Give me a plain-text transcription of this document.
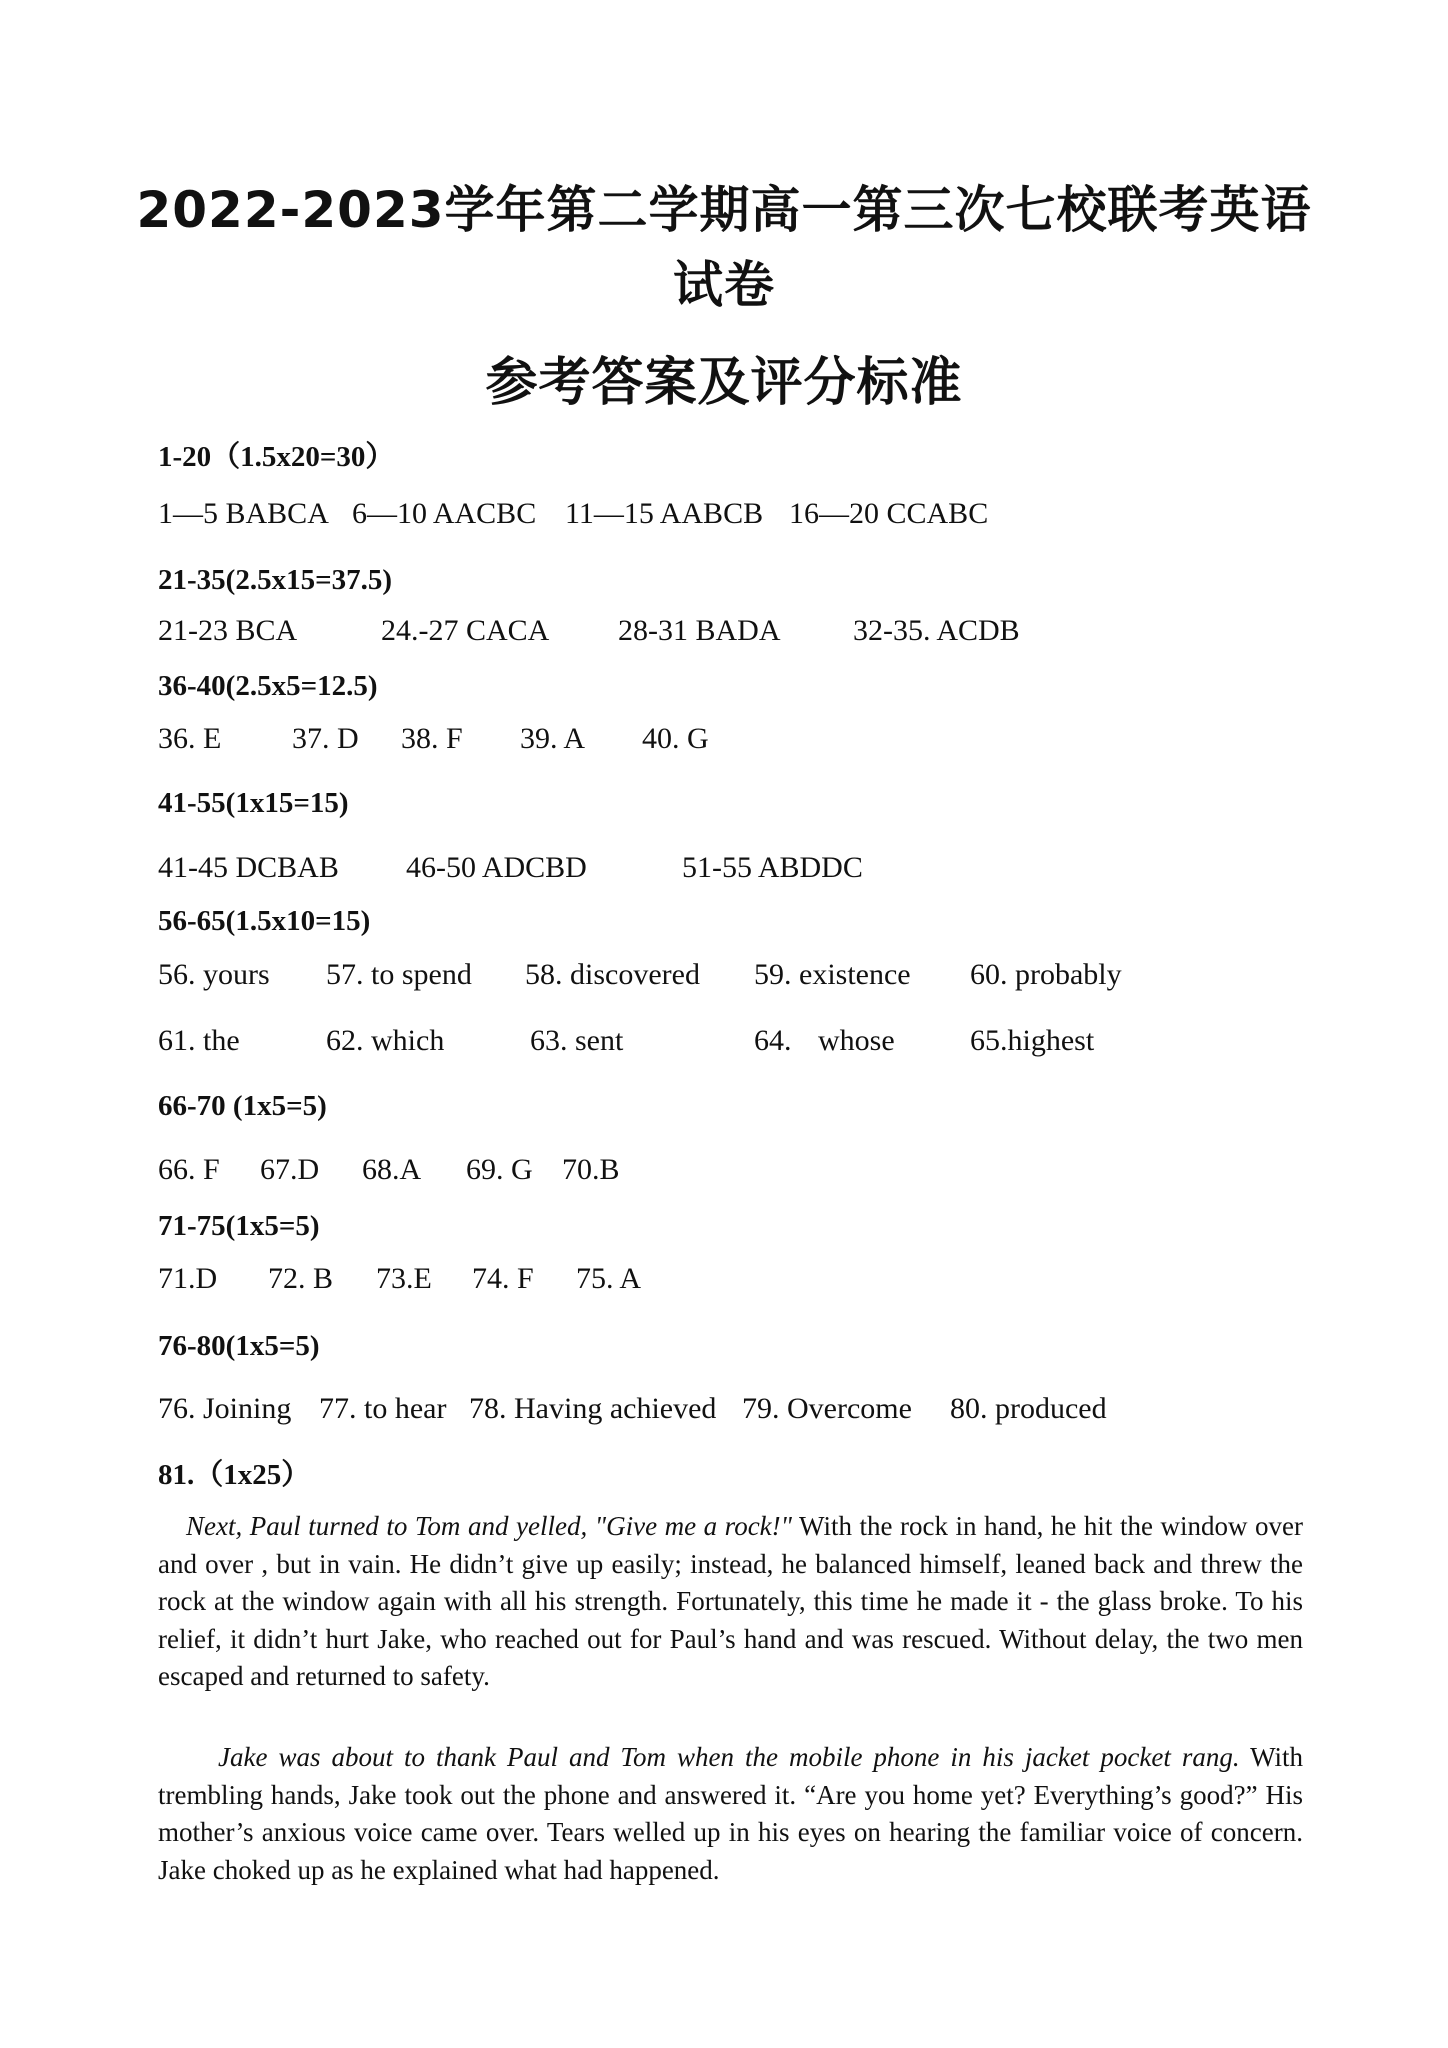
2022-2023学年第二学期高一第三次七校联考英语
试卷
参考答案及评分标准
1-20（1.5x20=30）
1—5 BABCA 6—10 AACBC 11—15 AABCB 16—20 CCABC
21-35(2.5x15=37.5)
21-23 BCA	24.-27 CACA 28-31 BADA 32-35. ACDB
36-40(2.5x5=12.5)
36. E 37. D 38. F 39. A 40. G
41-55(1x15=15)
41-45 DCBAB 46-50 ADCBD	51-55 ABDDC
56-65(1.5x10=15)
56. yours 57. to spend 58. discovered 59. existence 60. probably
61. the	62. which	63. sent	64. whose	65.highest
66-70 (1x5=5)
66. F 67.D 68.A 69. G 70.B
71-75(1x5=5)
71.D 72. B 73.E 74. F 75. A
76-80(1x5=5)
76. Joining 77. to hear 78. Having achieved 79. Overcome 80. produced
81.（1x25）
Next, Paul turned to Tom and yelled, "Give me a rock!" With the rock in hand, he hit the window over and over , but in vain. He didn’t give up easily; instead, he balanced himself, leaned back and threw the rock at the window again with all his strength. Fortunately, this time he made it - the glass broke. To his relief, it didn’t hurt Jake, who reached out for Paul’s hand and was rescued. Without delay, the two men escaped and returned to safety.
Jake was about to thank Paul and Tom when the mobile phone in his jacket pocket rang. With trembling hands, Jake took out the phone and answered it. “Are you home yet? Everything’s good?” His mother’s anxious voice came over. Tears welled up in his eyes on hearing the familiar voice of concern. Jake choked up as he explained what had happened.
